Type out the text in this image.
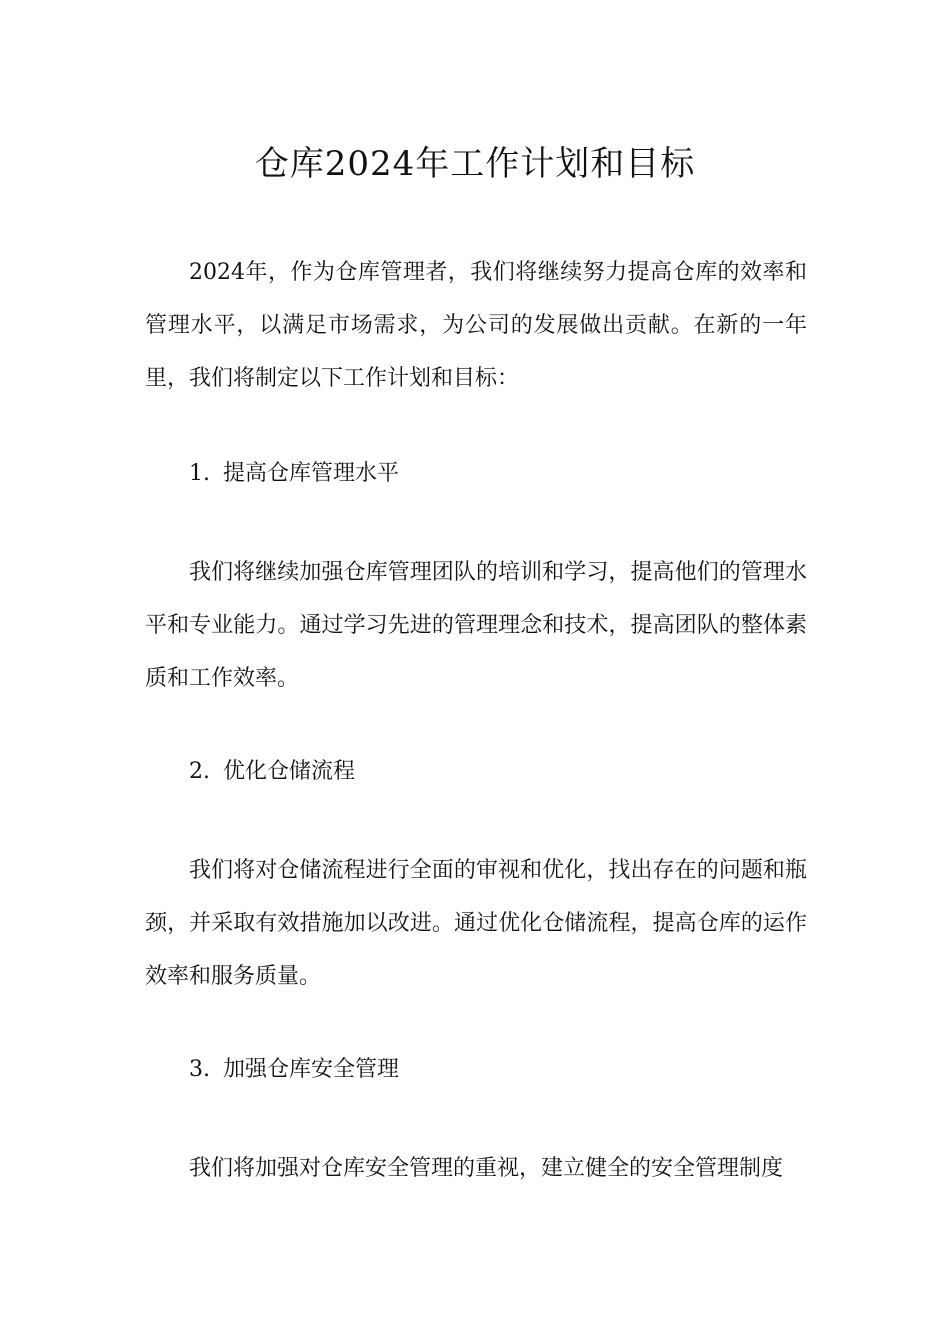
仓库2024年工作计划和目标
2024年，作为仓库管理者，我们将继续努力提高仓库的效率和管理水平，以满足市场需求，为公司的发展做出贡献。在新的一年里，我们将制定以下工作计划和目标：
1. 提高仓库管理水平
我们将继续加强仓库管理团队的培训和学习，提高他们的管理水平和专业能力。通过学习先进的管理理念和技术，提高团队的整体素质和工作效率。
2. 优化仓储流程
我们将对仓储流程进行全面的审视和优化，找出存在的问题和瓶颈，并采取有效措施加以改进。通过优化仓储流程，提高仓库的运作效率和服务质量。
3. 加强仓库安全管理
我们将加强对仓库安全管理的重视，建立健全的安全管理制度
